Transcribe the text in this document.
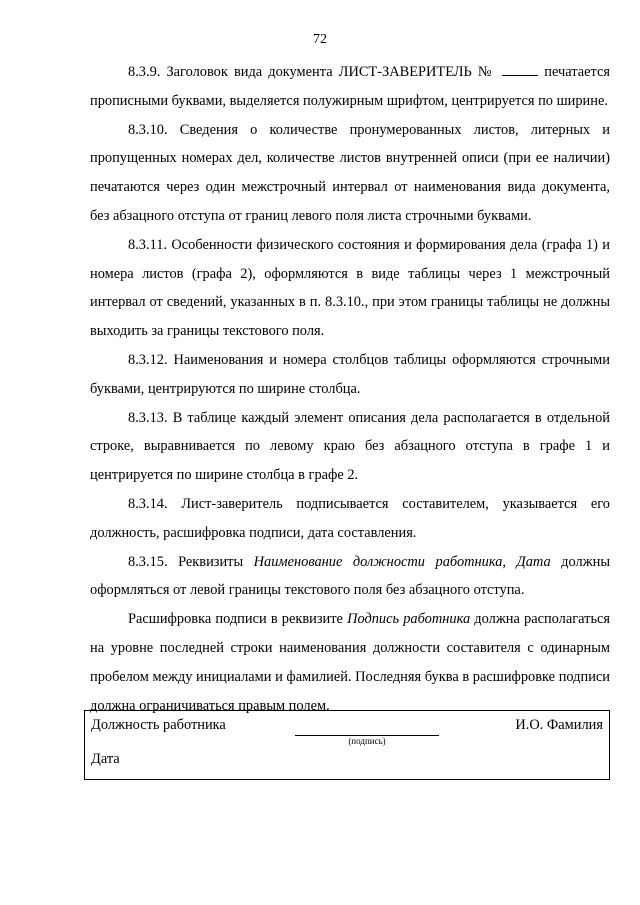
72

8.3.9. Заголовок вида документа ЛИСТ-ЗАВЕРИТЕЛЬ №	печатается прописными буквами, выделяется полужирным шрифтом, центрируется по ширине.

8.3.10. Сведения о количестве пронумерованных листов, литерных и пропущенных номерах дел, количестве листов внутренней описи (при ее наличии) печатаются через один межстрочный интервал от наименования вида документа, без абзацного отступа от границ левого поля листа строчными буквами.

8.3.11. Особенности физического состояния и формирования дела (графа 1) и номера листов (графа 2), оформляются в виде таблицы через 1 межстрочный интервал от сведений, указанных в п. 8.3.10., при этом границы таблицы не должны выходить за границы текстового поля.

8.3.12. Наименования и номера столбцов таблицы оформляются строчными буквами, центрируются по ширине столбца.

8.3.13. В таблице каждый элемент описания дела располагается в отдельной строке, выравнивается по левому краю без абзацного отступа в графе 1 и центрируется по ширине столбца в графе 2.

8.3.14. Лист-заверитель подписывается составителем, указывается его должность, расшифровка подписи, дата составления.

8.3.15. Реквизиты Наименование должности работника, Дата должны оформляться от левой границы текстового поля без абзацного отступа.

Расшифровка подписи в реквизите Подпись работника должна располагаться на уровне последней строки наименования должности составителя с одинарным пробелом между инициалами и фамилией. Последняя буква в расшифровке подписи должна ограничиваться правым полем.

Должность работника
(подпись)
И.О. Фамилия
Дата
